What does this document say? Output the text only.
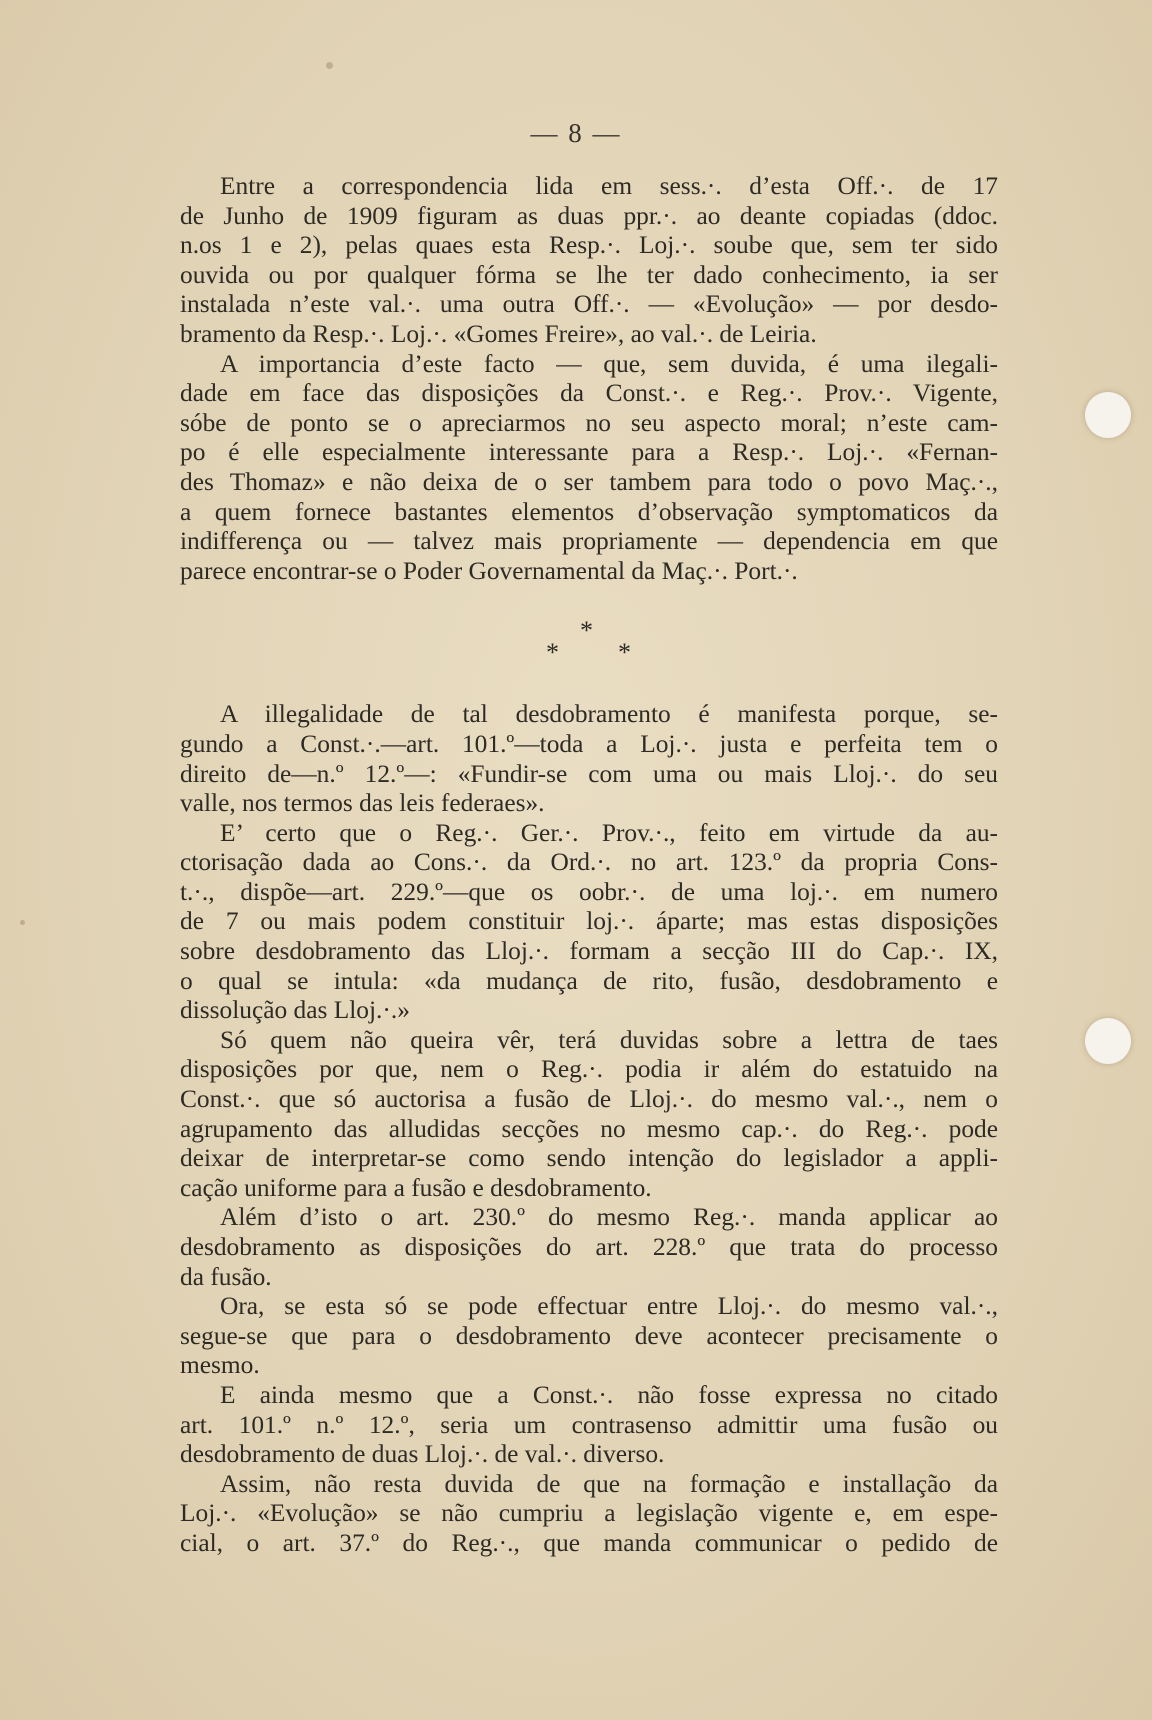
— 8 —
Entre a correspondencia lida em sess.·. d’esta Off.·. de 17
de Junho de 1909 figuram as duas ppr.·. ao deante copiadas (ddoc.
n.os 1 e 2), pelas quaes esta Resp.·. Loj.·. soube que, sem ter sido
ouvida ou por qualquer fórma se lhe ter dado conhecimento, ia ser
instalada n’este val.·. uma outra Off.·. — «Evolução» — por desdo-
bramento da Resp.·. Loj.·. «Gomes Freire», ao val.·. de Leiria.
A importancia d’este facto — que, sem duvida, é uma ilegali-
dade em face das disposições da Const.·. e Reg.·. Prov.·. Vigente,
sóbe de ponto se o apreciarmos no seu aspecto moral; n’este cam-
po é elle especialmente interessante para a Resp.·. Loj.·. «Fernan-
des Thomaz» e não deixa de o ser tambem para todo o povo Maç.·.,
a quem fornece bastantes elementos d’observação symptomaticos da
indifferença ou — talvez mais propriamente — dependencia em que
parece encontrar-se o Poder Governamental da Maç.·. Port.·.
*
* *
A illegalidade de tal desdobramento é manifesta porque, se-
gundo a Const.·.—art. 101.º—toda a Loj.·. justa e perfeita tem o
direito de—n.º 12.º—: «Fundir-se com uma ou mais Lloj.·. do seu
valle, nos termos das leis federaes».
E’ certo que o Reg.·. Ger.·. Prov.·., feito em virtude da au-
ctorisação dada ao Cons.·. da Ord.·. no art. 123.º da propria Cons-
t.·., dispõe—art. 229.º—que os oobr.·. de uma loj.·. em numero
de 7 ou mais podem constituir loj.·. áparte; mas estas disposições
sobre desdobramento das Lloj.·. formam a secção III do Cap.·. IX,
o qual se intula: «da mudança de rito, fusão, desdobramento e
dissolução das Lloj.·.»
Só quem não queira vêr, terá duvidas sobre a lettra de taes
disposições por que, nem o Reg.·. podia ir além do estatuido na
Const.·. que só auctorisa a fusão de Lloj.·. do mesmo val.·., nem o
agrupamento das alludidas secções no mesmo cap.·. do Reg.·. pode
deixar de interpretar-se como sendo intenção do legislador a appli-
cação uniforme para a fusão e desdobramento.
Além d’isto o art. 230.º do mesmo Reg.·. manda applicar ao
desdobramento as disposições do art. 228.º que trata do processo
da fusão.
Ora, se esta só se pode effectuar entre Lloj.·. do mesmo val.·.,
segue-se que para o desdobramento deve acontecer precisamente o
mesmo.
E ainda mesmo que a Const.·. não fosse expressa no citado
art. 101.º n.º 12.º, seria um contrasenso admittir uma fusão ou
desdobramento de duas Lloj.·. de val.·. diverso.
Assim, não resta duvida de que na formação e installação da
Loj.·. «Evolução» se não cumpriu a legislação vigente e, em espe-
cial, o art. 37.º do Reg.·., que manda communicar o pedido de
